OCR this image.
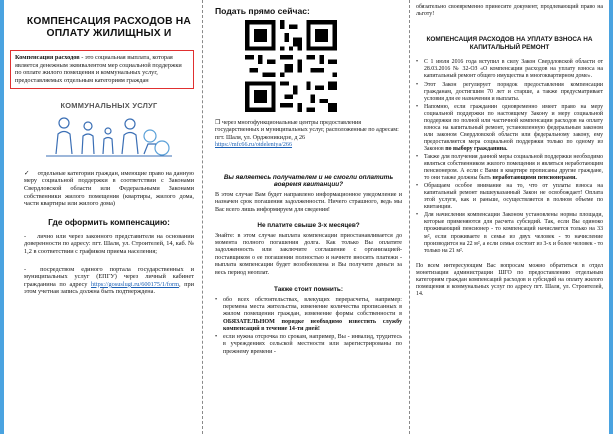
КОМПЕНСАЦИЯ РАСХОДОВ НА ОПЛАТУ ЖИЛИЩНЫХ И
Компенсация расходов - это социальная выплата, которая является денежным эквивалентом мер социальной поддержки по оплате жилого помещения и коммунальных услуг, предоставляемых отдельным категориям граждан
КОММУНАЛЬНЫХ УСЛУГ
✓     отдельные категории граждан, имеющие право на данную меру социальной поддержки в соответствии с Законами Свердловской области или Федеральными Законами собственники жилого помещения (квартиры, жилого дома, части квартиры или жилого дома)
Где оформить компенсацию:
-    лично или через законного представителя на основании доверенности по адресу: пгт. Шаля, ул. Строителей, 14, каб. № 1,2 в соответствии с графиком приема населения;
-  посредством единого портала государственных и муниципальных услуг (ЕПГУ) через личный кабинет гражданина по адресу https://gosuslugi.ru/600175/1/form, при этом учетная запись должна быть подтверждена.
Подать прямо сейчас:
❒ через многофункциональные центры предоставления государственных и муниципальных услуг, расположенные по адресам: пгт. Шаля, ул. Орджоникидзе, д 26
https://mfc66.ru/otdeleniya/266
Вы являетесь получателем и не смогли оплатить вовремя квитанции?
В этом случае Вам будет направлено информационное уведомление и назначен срок погашения задолженности. Ничего страшного, ведь мы Вас всего лишь информируем для сведения!
Не платите свыше 3-х месяцев?
Знайте: в этом случае выплата компенсации приостанавливается до момента полного погашения долга. Как только Вы оплатите задолженность или заключите соглашение с организацией-поставщиком о ее погашении полностью и начнете вносить платежи - выплата компенсации будет возобновлена и Вы получите деньги за весь период неоплат.
Также стоит помнить:
• обо всех обстоятельствах, влекущих перерасчеты, например: перемена места жительства, изменение количества прописанных в жилом помещении граждан, изменение формы собственности в ОБЯЗАТЕЛЬНОМ порядке необходимо известить службу компенсаций в течение 14-ти дней!
• если нужна отсрочка по срокам, например, Вы - инвалид, трудитесь в учреждениях сельской местности или зарегистрированы по прежнему времени -
обязательно своевременно принесите документ, продлевающий право на льготу!
КОМПЕНСАЦИЯ РАСХОДОВ НА УПЛАТУ ВЗНОСА НА КАПИТАЛЬНЫЙ РЕМОНТ
• С 1 июля 2016 года вступил в силу Закон Свердловской области от 28.03.2016 № 32-ОЗ «О компенсации расходов на уплату взноса на капитальный ремонт общего имущества в многоквартирном доме».
• Этот Закон регулирует порядок предоставления компенсации гражданам, достигшим 70 лет и старше, а также предусматривает условия для ее назначения и выплаты.
• Напомню, если гражданин одновременно имеет право на меру социальной поддержки по настоящему Закону и меру социальной поддержки по полной или частичной компенсации расходов на оплату взноса на капитальный ремонт, установленную федеральным законом или законом Свердловской области или федеральному закону, ему предоставляется мера социальной поддержки только по одному из Законов по выбору гражданина.
• Также для получения данной меры социальной поддержки необходимо являться собственником жилого помещения и являться неработающим пенсионером. А если с Вами в квартире прописаны другие граждане, то они также должны быть неработающими пенсионерами.
• Обращаем особое внимание на то, что от уплаты взноса на капитальный ремонт вышеуказанный Закон не освобождает! Оплата этой услуги, как и раньше, осуществляется в полном объеме по квитанции.
• Для начисления компенсации Законом установлены нормы площади, которые применяются для расчета субсидий. Так, если Вы одиноко проживающий пенсионер - то компенсаций начисляется только на 33 м², если проживаете в семье из двух человек - то начисление производится на 22 м², а если семья состоит из 3-х и более человек - то только на 21 м².
По всем интересующим Вас вопросам можно обратиться в отдел монетизации администрации ШГО по предоставлению отдельным категориям граждан компенсаций расходов и субсидий на оплату жилого помещения и коммунальных услуг по адресу пгт. Шаля, ул. Строителей, 14.
